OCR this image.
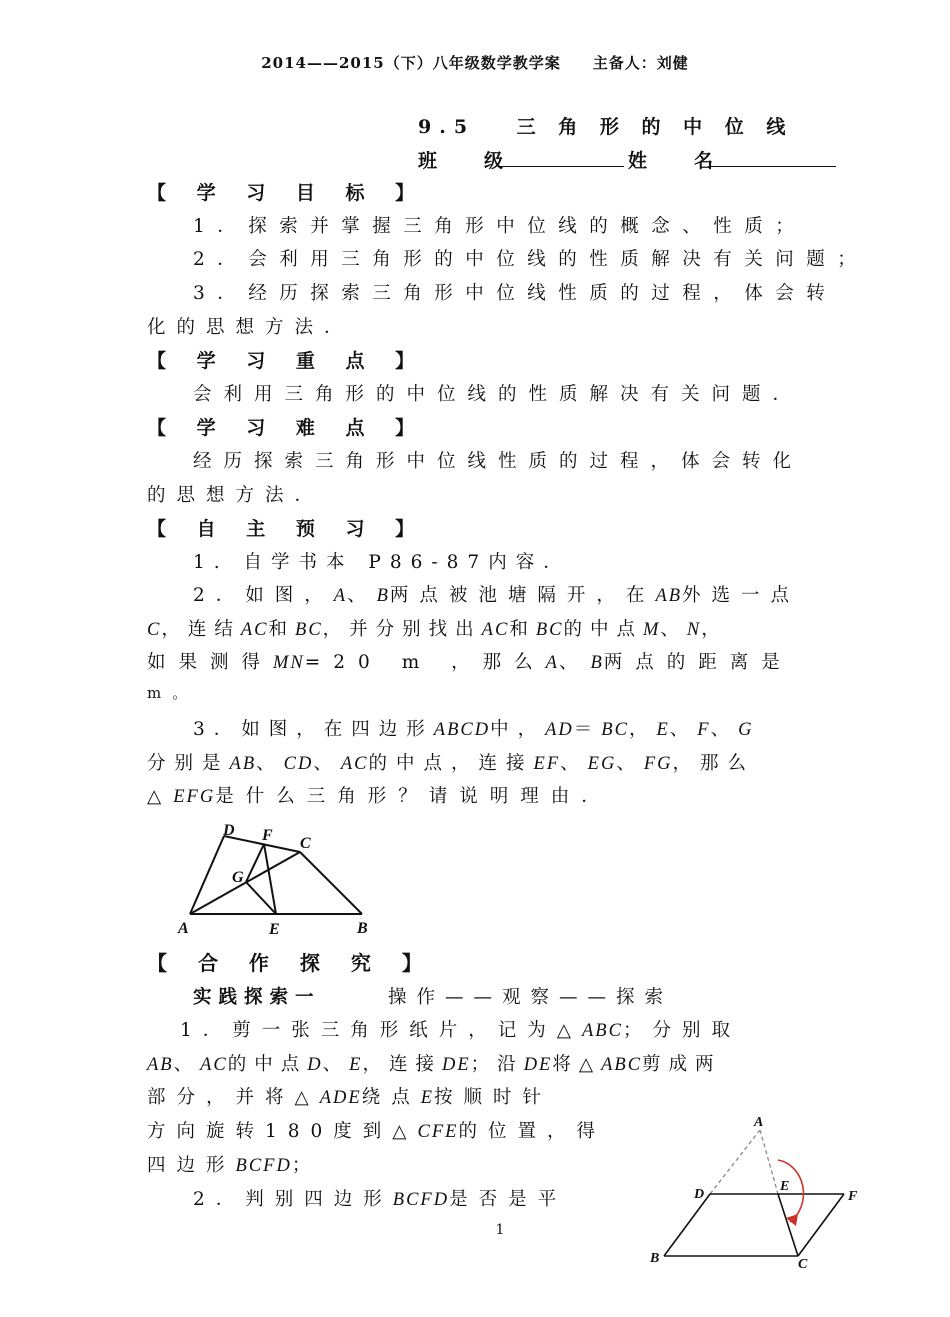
2014——2015（下）八年级数学教学案　　主备人：刘健
9.5　 三 角 形 的 中 位 线
班　级	姓　名
【 学 习 目 标 】
1．探索并掌握三角形中位线的概念、性质；
2．会利用三角形的中位线的性质解决有关问题；
3．经历探索三角形中位线性质的过程，体会转
化的思想方法．
【 学 习 重 点 】
会利用三角形的中位线的性质解决有关问题．
【 学 习 难 点 】
经历探索三角形中位线性质的过程，体会转化
的思想方法．
【 自 主 预 习 】
1. 自学书本 P86-87内容．
2．如图，A、B两点被池塘隔开，在AB外选一点
C，连结AC和BC，并分别找出AC和BC的中点M、N，
如果测得MN=20 m ，那么A、B两点的距离是
m。
3．如图，在四边形ABCD中，AD＝BC，E、F、G
分别是AB、CD、AC的中点，连接EF、EG、FG，那么
△EFG是什么三角形？请说明理由．
A	B
C
D
E
F
G
【 合 作 探 究 】
实践探索一	操作——观察——探索
1．剪一张三角形纸片，记为△ABC；分别取
AB、AC的中点D、E，连接DE；沿DE将△ABC剪成两
部分，并将△ADE绕点E按顺时针
方向旋转180度到△CFE的位置，得
四边形BCFD；
2．判别四边形BCFD是否是平
A
B	C
D
E
F
1
